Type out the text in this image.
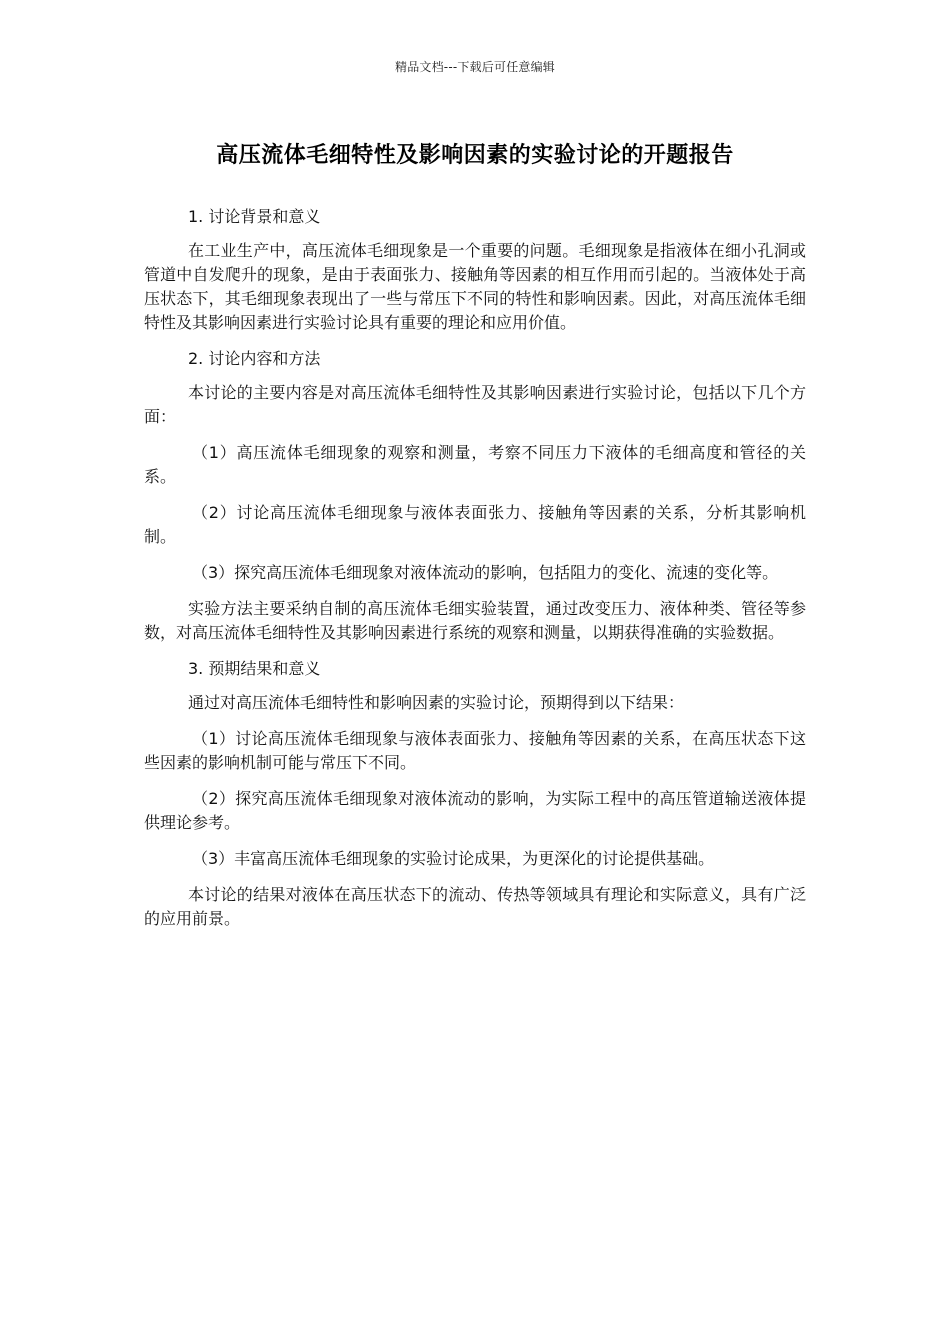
精品文档---下载后可任意编辑
高压流体毛细特性及影响因素的实验讨论的开题报告

1. 讨论背景和意义

在工业生产中，高压流体毛细现象是一个重要的问题。毛细现象是指液体在细小孔洞或管道中自发爬升的现象，是由于表面张力、接触角等因素的相互作用而引起的。当液体处于高压状态下，其毛细现象表现出了一些与常压下不同的特性和影响因素。因此，对高压流体毛细特性及其影响因素进行实验讨论具有重要的理论和应用价值。

2. 讨论内容和方法

本讨论的主要内容是对高压流体毛细特性及其影响因素进行实验讨论，包括以下几个方面：

（1）高压流体毛细现象的观察和测量，考察不同压力下液体的毛细高度和管径的关系。

（2）讨论高压流体毛细现象与液体表面张力、接触角等因素的关系，分析其影响机制。

（3）探究高压流体毛细现象对液体流动的影响，包括阻力的变化、流速的变化等。

实验方法主要采纳自制的高压流体毛细实验装置，通过改变压力、液体种类、管径等参数，对高压流体毛细特性及其影响因素进行系统的观察和测量，以期获得准确的实验数据。

3. 预期结果和意义

通过对高压流体毛细特性和影响因素的实验讨论，预期得到以下结果：

（1）讨论高压流体毛细现象与液体表面张力、接触角等因素的关系，在高压状态下这些因素的影响机制可能与常压下不同。

（2）探究高压流体毛细现象对液体流动的影响，为实际工程中的高压管道输送液体提供理论参考。

（3）丰富高压流体毛细现象的实验讨论成果，为更深化的讨论提供基础。

本讨论的结果对液体在高压状态下的流动、传热等领域具有理论和实际意义，具有广泛的应用前景。
